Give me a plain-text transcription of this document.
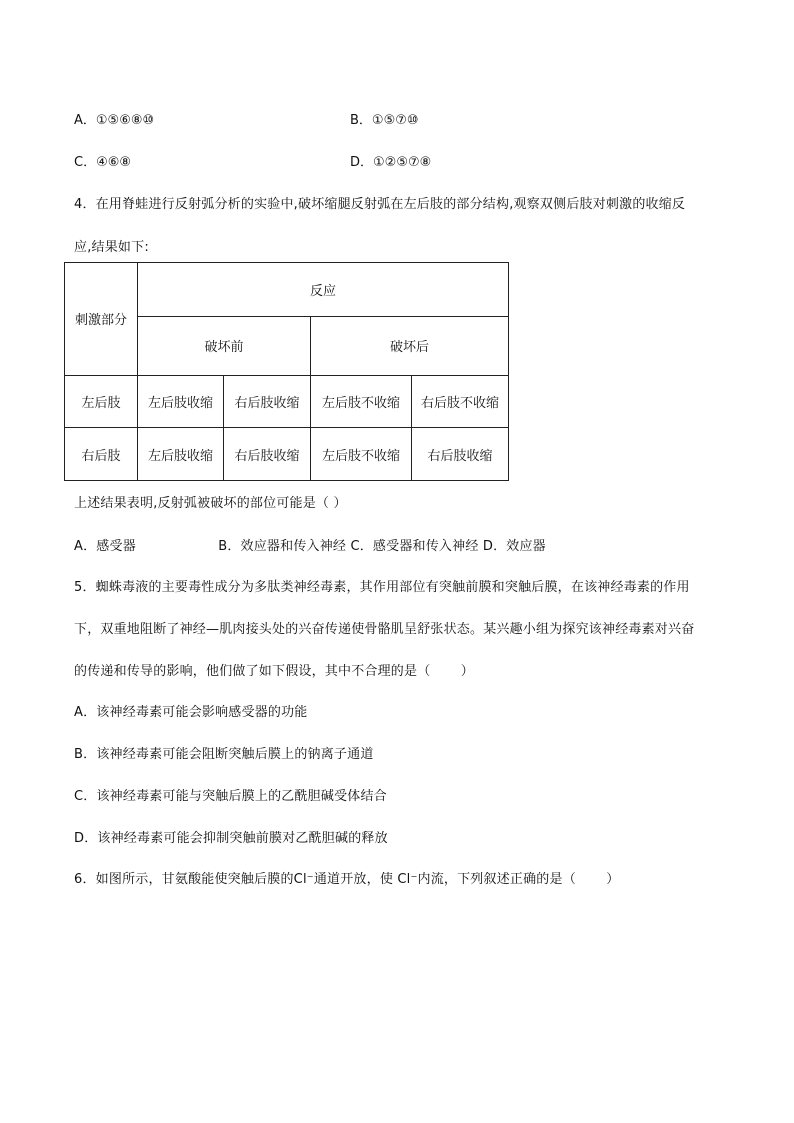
A．①⑤⑥⑧⑩	B．①⑤⑦⑩
C．④⑥⑧	D．①②⑤⑦⑧
4．在用脊蛙进行反射弧分析的实验中,破坏缩腿反射弧在左后肢的部分结构,观察双侧后肢对刺激的收缩反
应,结果如下:
刺激部分	反应			
	破坏前		破坏后	
左后肢	左后肢收缩	右后肢收缩	左后肢不收缩	右后肢不收缩
右后肢	左后肢收缩	右后肢收缩	左后肢不收缩	右后肢收缩
上述结果表明,反射弧被破坏的部位可能是（ ）
A．感受器                   B．效应器和传入神经 C．感受器和传入神经 D．效应器
5．蜘蛛毒液的主要毒性成分为多肽类神经毒素，其作用部位有突触前膜和突触后膜，在该神经毒素的作用
下，双重地阻断了神经—肌肉接头处的兴奋传递使骨骼肌呈舒张状态。某兴趣小组为探究该神经毒素对兴奋
的传递和传导的影响，他们做了如下假设，其中不合理的是（       ）
A．该神经毒素可能会影响感受器的功能
B．该神经毒素可能会阻断突触后膜上的钠离子通道
C．该神经毒素可能与突触后膜上的乙酰胆碱受体结合
D．该神经毒素可能会抑制突触前膜对乙酰胆碱的释放
6．如图所示，甘氨酸能使突触后膜的Cl⁻通道开放，使 Cl⁻内流，下列叙述正确的是（       ）
